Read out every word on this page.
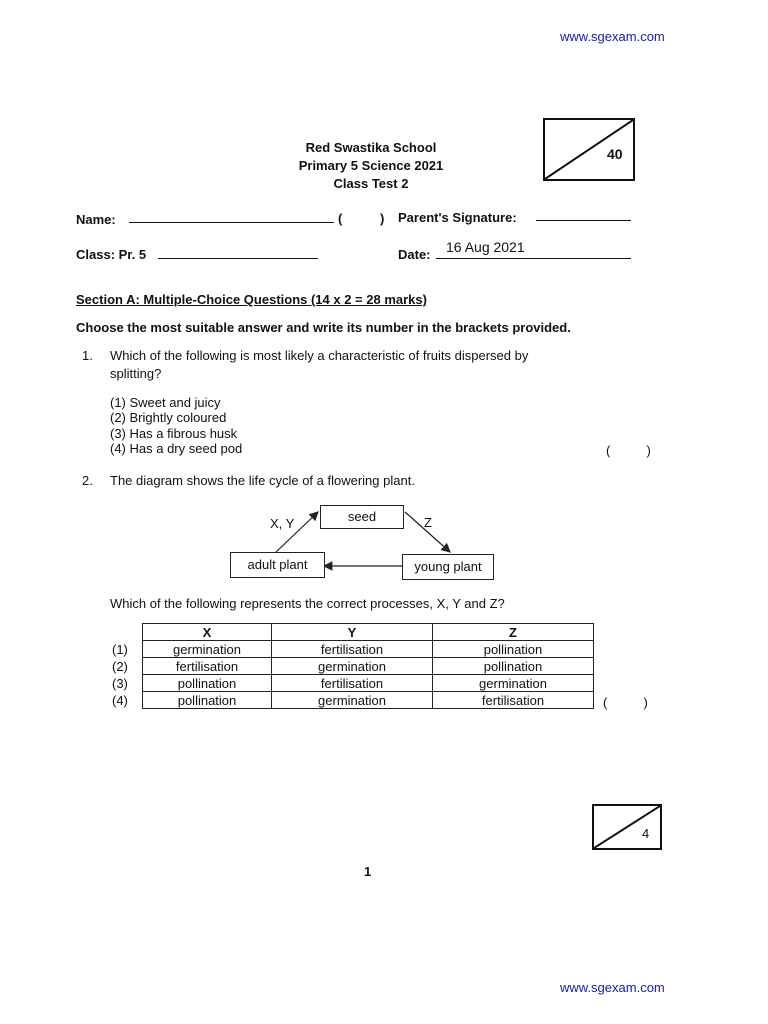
www.sgexam.com
www.sgexam.com
Red Swastika School
Primary 5 Science 2021
Class Test 2
40
Name:	(	) Parent's Signature:
Class: Pr. 5	Date: 16 Aug 2021
Section A: Multiple-Choice Questions (14 x 2 = 28 marks)
Choose the most suitable answer and write its number in the brackets provided.
1. Which of the following is most likely a characteristic of fruits dispersed by
splitting?
(1) Sweet and juicy
(2) Brightly coloured
(3) Has a fibrous husk
(4) Has a dry seed pod	(          )
2. The diagram shows the life cycle of a flowering plant.
seed
adult plant	young plant
X, Y	Z
Which of the following represents the correct processes, X, Y and Z?
	X	Y	Z
(1)	germination	fertilisation	pollination
(2)	fertilisation	germination	pollination
(3)	pollination	fertilisation	germination
(4)	pollination	germination	fertilisation	(          )
4
1
